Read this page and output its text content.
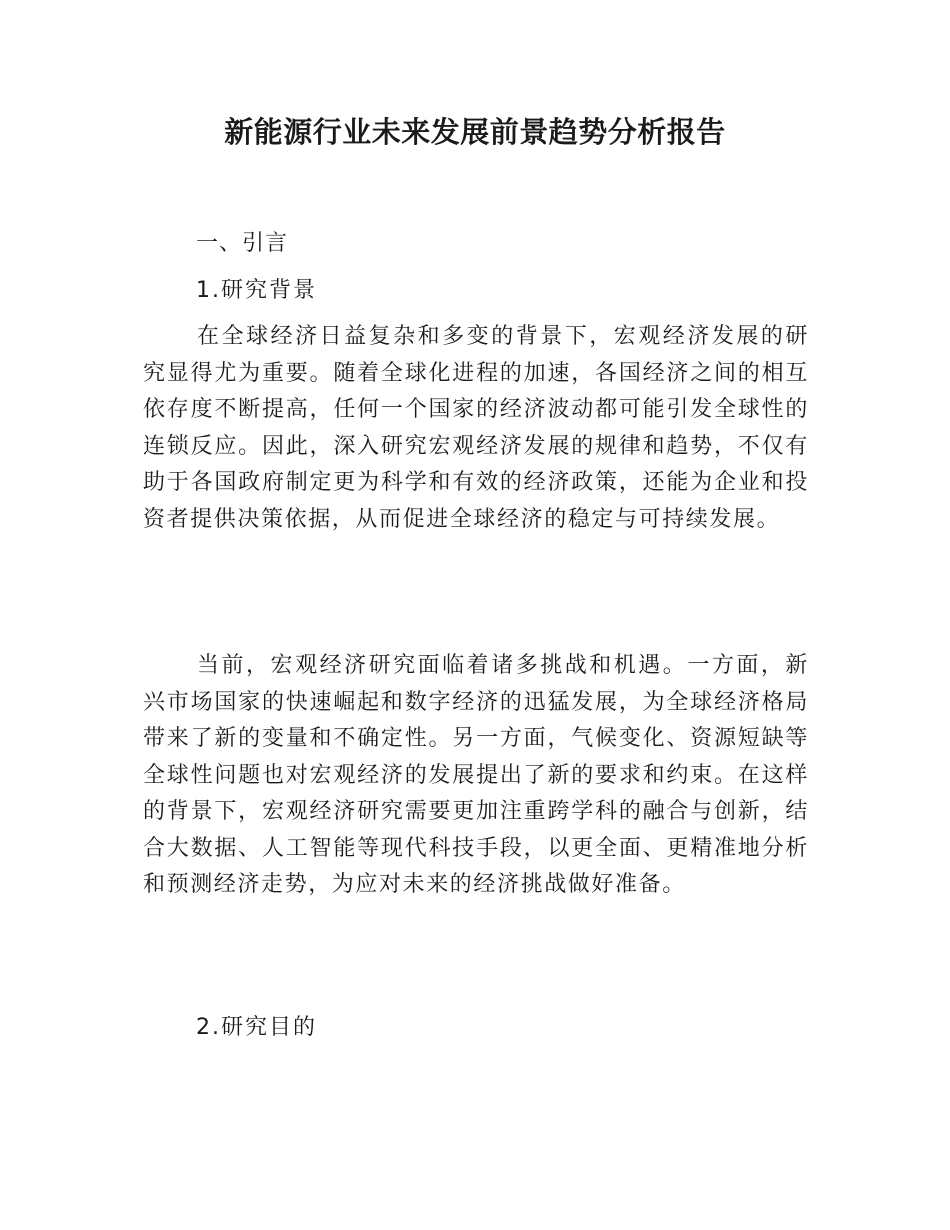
新能源行业未来发展前景趋势分析报告
一、引言
1.研究背景

在全球经济日益复杂和多变的背景下，宏观经济发展的研究显得尤为重要。随着全球化进程的加速，各国经济之间的相互依存度不断提高，任何一个国家的经济波动都可能引发全球性的连锁反应。因此，深入研究宏观经济发展的规律和趋势，不仅有助于各国政府制定更为科学和有效的经济政策，还能为企业和投资者提供决策依据，从而促进全球经济的稳定与可持续发展。

当前，宏观经济研究面临着诸多挑战和机遇。一方面，新兴市场国家的快速崛起和数字经济的迅猛发展，为全球经济格局带来了新的变量和不确定性。另一方面，气候变化、资源短缺等全球性问题也对宏观经济的发展提出了新的要求和约束。在这样的背景下，宏观经济研究需要更加注重跨学科的融合与创新，结合大数据、人工智能等现代科技手段，以更全面、更精准地分析和预测经济走势，为应对未来的经济挑战做好准备。

2.研究目的
